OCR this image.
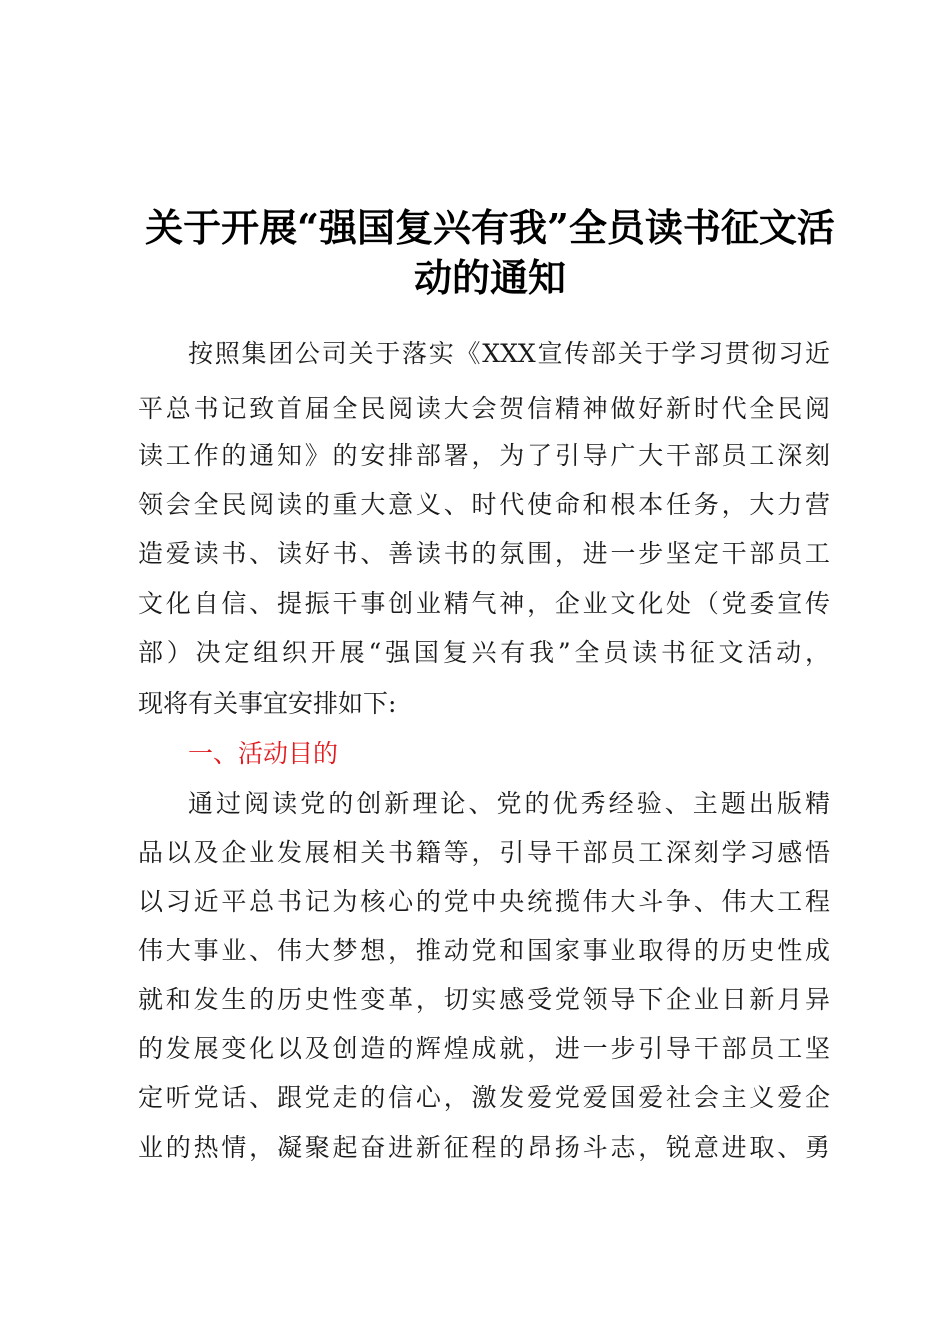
关于开展“强国复兴有我”全员读书征文活
动的通知
按照集团公司关于落实《XXX宣传部关于学习贯彻习近
平总书记致首届全民阅读大会贺信精神做好新时代全民阅
读工作的通知》的安排部署，为了引导广大干部员工深刻
领会全民阅读的重大意义、时代使命和根本任务，大力营
造爱读书、读好书、善读书的氛围，进一步坚定干部员工
文化自信、提振干事创业精气神，企业文化处（党委宣传
部）决定组织开展“强国复兴有我”全员读书征文活动，
现将有关事宜安排如下:
一、活动目的
通过阅读党的创新理论、党的优秀经验、主题出版精
品以及企业发展相关书籍等，引导干部员工深刻学习感悟
以习近平总书记为核心的党中央统揽伟大斗争、伟大工程
伟大事业、伟大梦想，推动党和国家事业取得的历史性成
就和发生的历史性变革，切实感受党领导下企业日新月异
的发展变化以及创造的辉煌成就，进一步引导干部员工坚
定听党话、跟党走的信心，激发爱党爱国爱社会主义爱企
业的热情，凝聚起奋进新征程的昂扬斗志，锐意进取、勇
